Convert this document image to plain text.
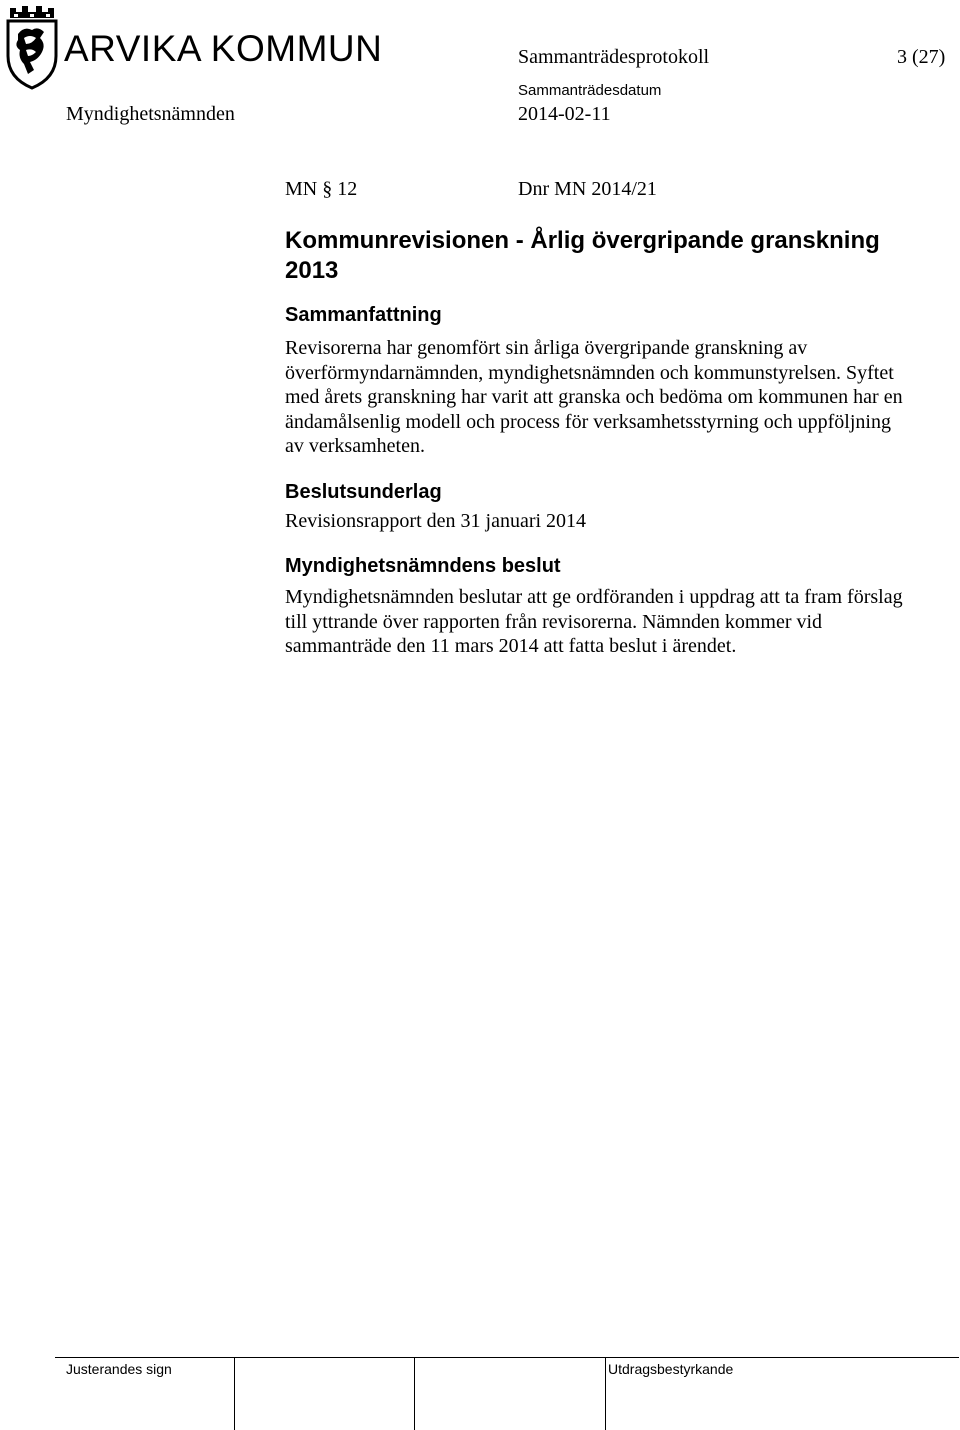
ARVIKA KOMMUN	Sammanträdesprotokoll	3 (27)
Sammanträdesdatum
Myndighetsnämnden	2014-02-11
MN § 12	Dnr MN 2014/21
Kommunrevisionen - Årlig övergripande granskning
2013
Sammanfattning
Revisorerna har genomfört sin årliga övergripande granskning av
överförmyndarnämnden, myndighetsnämnden och kommunstyrelsen. Syftet
med årets granskning har varit att granska och bedöma om kommunen har en
ändamålsenlig modell och process för verksamhetsstyrning och uppföljning
av verksamheten.
Beslutsunderlag
Revisionsrapport den 31 januari 2014
Myndighetsnämndens beslut
Myndighetsnämnden beslutar att ge ordföranden i uppdrag att ta fram förslag
till yttrande över rapporten från revisorerna. Nämnden kommer vid
sammanträde den 11 mars 2014 att fatta beslut i ärendet.
Justerandes sign	Utdragsbestyrkande
